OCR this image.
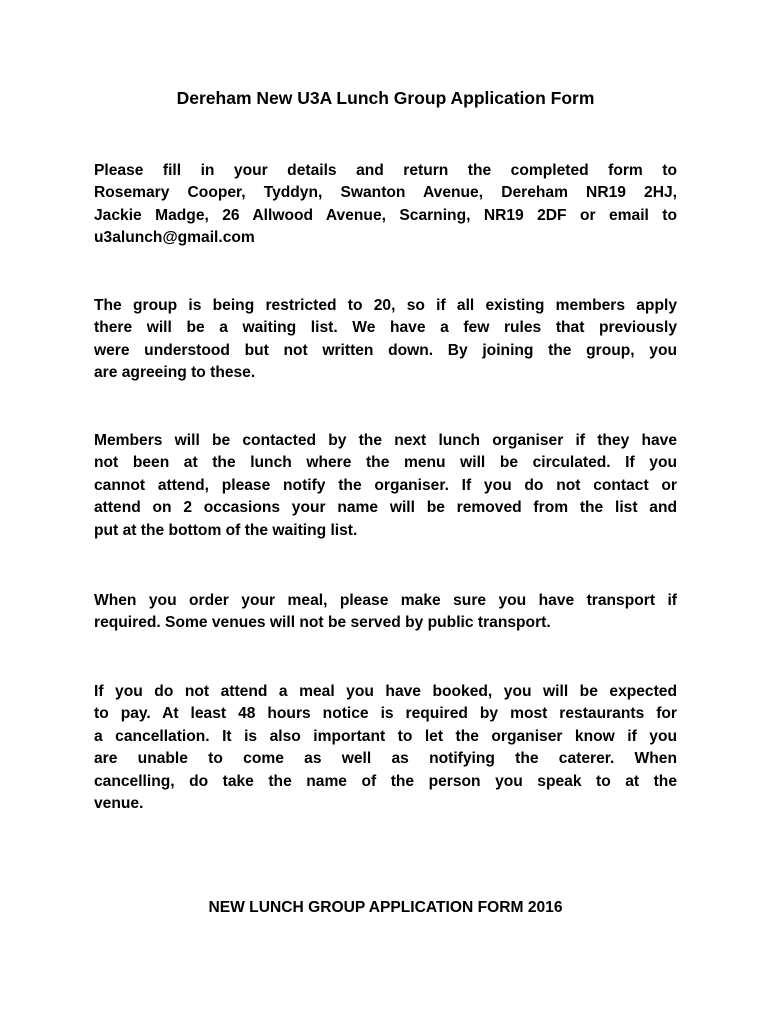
Dereham New U3A Lunch Group Application Form

Please fill in your details and return the completed form to
Rosemary Cooper, Tyddyn, Swanton Avenue, Dereham NR19 2HJ,
Jackie Madge, 26 Allwood Avenue, Scarning, NR19 2DF or email to
u3alunch@gmail.com

The group is being restricted to 20, so if all existing members apply
there will be a waiting list. We have a few rules that previously
were understood but not written down. By joining the group, you
are agreeing to these.

Members will be contacted by the next lunch organiser if they have
not been at the lunch where the menu will be circulated. If you
cannot attend, please notify the organiser. If you do not contact or
attend on 2 occasions your name will be removed from the list and
put at the bottom of the waiting list.

When you order your meal, please make sure you have transport if
required. Some venues will not be served by public transport.

If you do not attend a meal you have booked, you will be expected
to pay. At least 48 hours notice is required by most restaurants for
a cancellation. It is also important to let the organiser know if you
are unable to come as well as notifying the caterer. When
cancelling, do take the name of the person you speak to at the
venue.

NEW LUNCH GROUP APPLICATION FORM 2016
